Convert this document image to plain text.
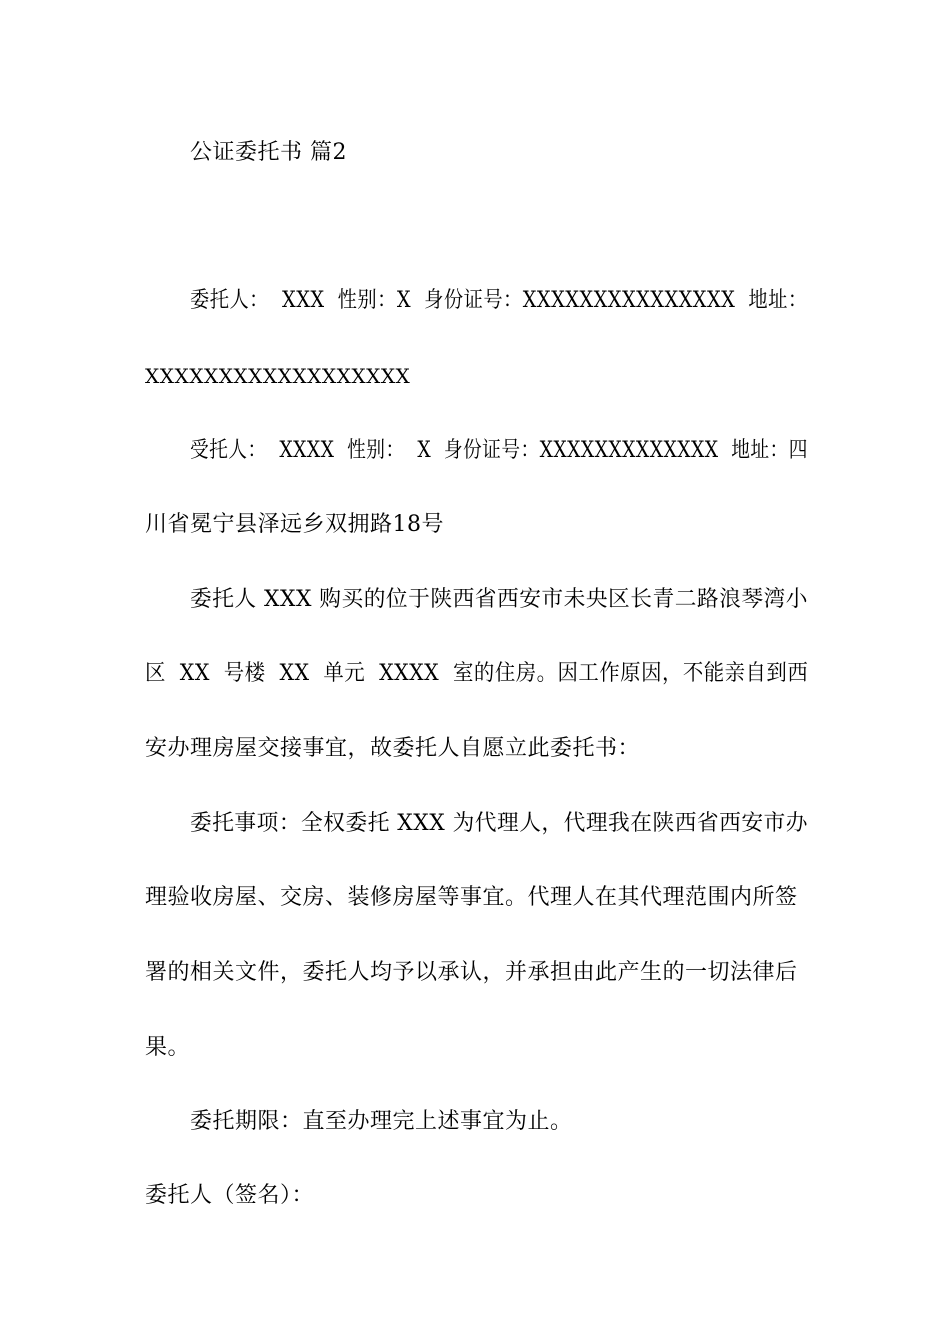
公证委托书 篇2
委托人：  XXX  性别：X  身份证号：XXXXXXXXXXXXXXX  地址：
XXXXXXXXXXXXXXXXXX
受托人：  XXXX  性别：  X  身份证号：XXXXXXXXXXXXX  地址：四
川省冕宁县泽远乡双拥路18号
委托人 XXX 购买的位于陕西省西安市未央区长青二路浪琴湾小
区  XX  号楼  XX  单元  XXXX  室的住房。因工作原因，不能亲自到西
安办理房屋交接事宜，故委托人自愿立此委托书：
委托事项：全权委托 XXX 为代理人，代理我在陕西省西安市办
理验收房屋、交房、装修房屋等事宜。代理人在其代理范围内所签
署的相关文件，委托人均予以承认，并承担由此产生的一切法律后
果。
委托期限：直至办理完上述事宜为止。
委托人（签名）：
